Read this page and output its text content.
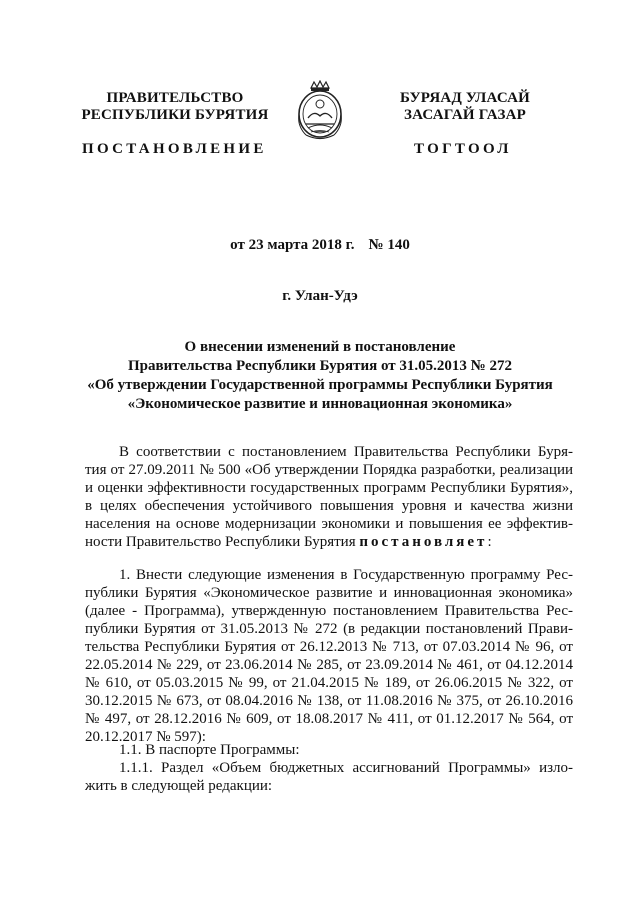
ПРАВИТЕЛЬСТВО
РЕСПУБЛИКИ БУРЯТИЯ
БУРЯАД УЛАСАЙ
ЗАСАГАЙ ГАЗАР
ПОСТАНОВЛЕНИЕ	ТОГТООЛ
от 23 марта 2018 г. № 140
г. Улан-Удэ
О внесении изменений в постановление
Правительства Республики Бурятия от 31.05.2013 № 272
«Об утверждении Государственной программы Республики Бурятия
«Экономическое развитие и инновационная экономика»
В соответствии с постановлением Правительства Республики Буря-
тия от 27.09.2011 № 500 «Об утверждении Порядка разработки, реализации
и оценки эффективности государственных программ Республики Бурятия»,
в целях обеспечения устойчивого повышения уровня и качества жизни
населения на основе модернизации экономики и повышения ее эффектив-
ности Правительство Республики Бурятия постановляет:
1. Внести следующие изменения в Государственную программу Рес-
публики Бурятия «Экономическое развитие и инновационная экономика»
(далее - Программа), утвержденную постановлением Правительства Рес-
публики Бурятия от 31.05.2013 № 272 (в редакции постановлений Прави-
тельства Республики Бурятия от 26.12.2013 № 713, от 07.03.2014 № 96, от
22.05.2014 № 229, от 23.06.2014 № 285, от 23.09.2014 № 461, от 04.12.2014
№ 610, от 05.03.2015 № 99, от 21.04.2015 № 189, от 26.06.2015 № 322, от
30.12.2015 № 673, от 08.04.2016 № 138, от 11.08.2016 № 375, от 26.10.2016
№ 497, от 28.12.2016 № 609, от 18.08.2017 № 411, от 01.12.2017 № 564, от
20.12.2017 № 597):
1.1. В паспорте Программы:
1.1.1. Раздел «Объем бюджетных ассигнований Программы» изло-
жить в следующей редакции:
